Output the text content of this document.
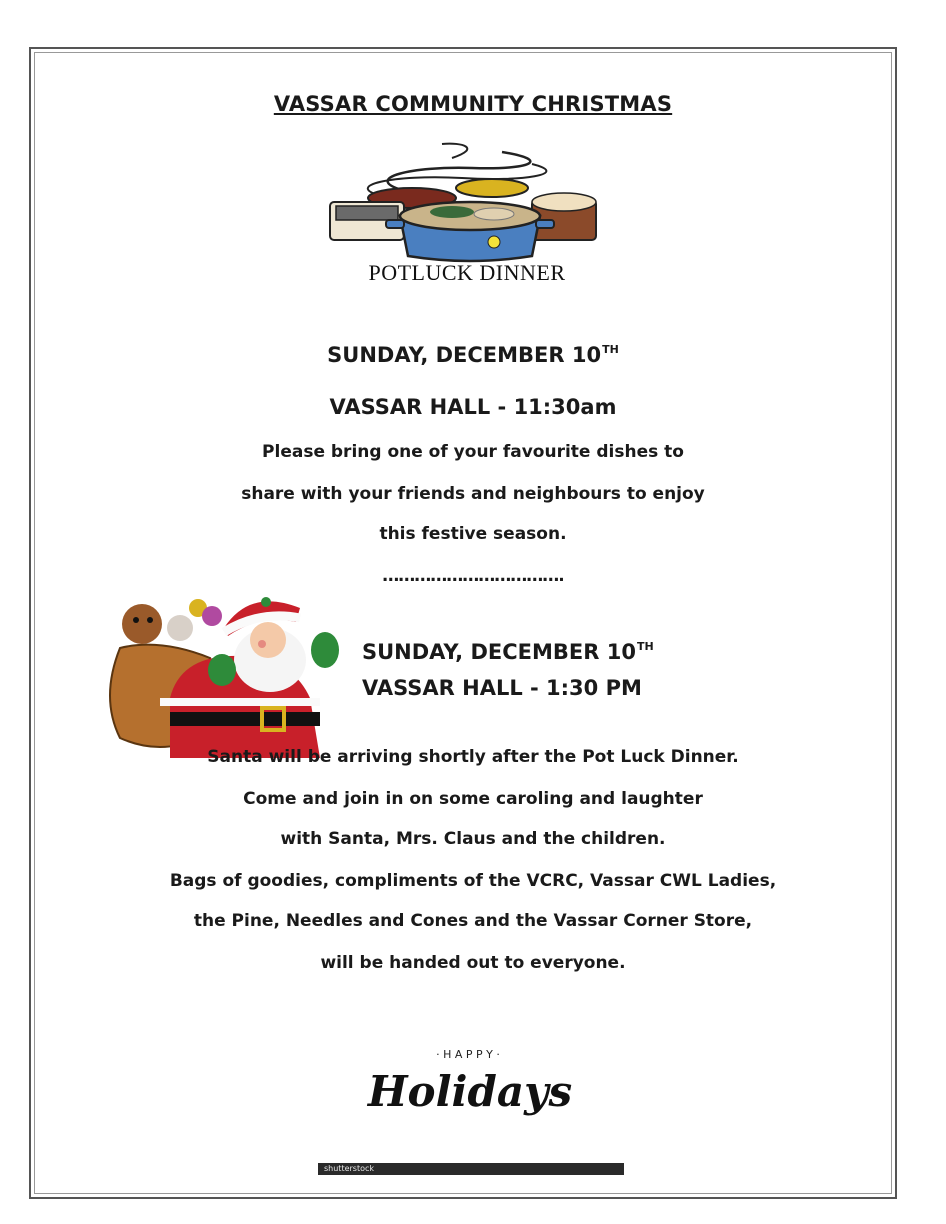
VASSAR COMMUNITY CHRISTMAS
POTLUCK DINNER
SUNDAY, DECEMBER 10TH
VASSAR HALL - 11:30am
Please bring one of your favourite dishes to
share with your friends and neighbours to enjoy
this festive season.
…………………………….
SUNDAY, DECEMBER 10TH
VASSAR HALL - 1:30 PM
Santa will be arriving shortly after the Pot Luck Dinner.
Come and join in on some caroling and laughter
with Santa, Mrs. Claus and the children.
Bags of goodies, compliments of the VCRC, Vassar CWL Ladies,
the Pine, Needles and Cones and the Vassar Corner Store,
will be handed out to everyone.
· H A P P Y ·
Holidays
shutterstock
